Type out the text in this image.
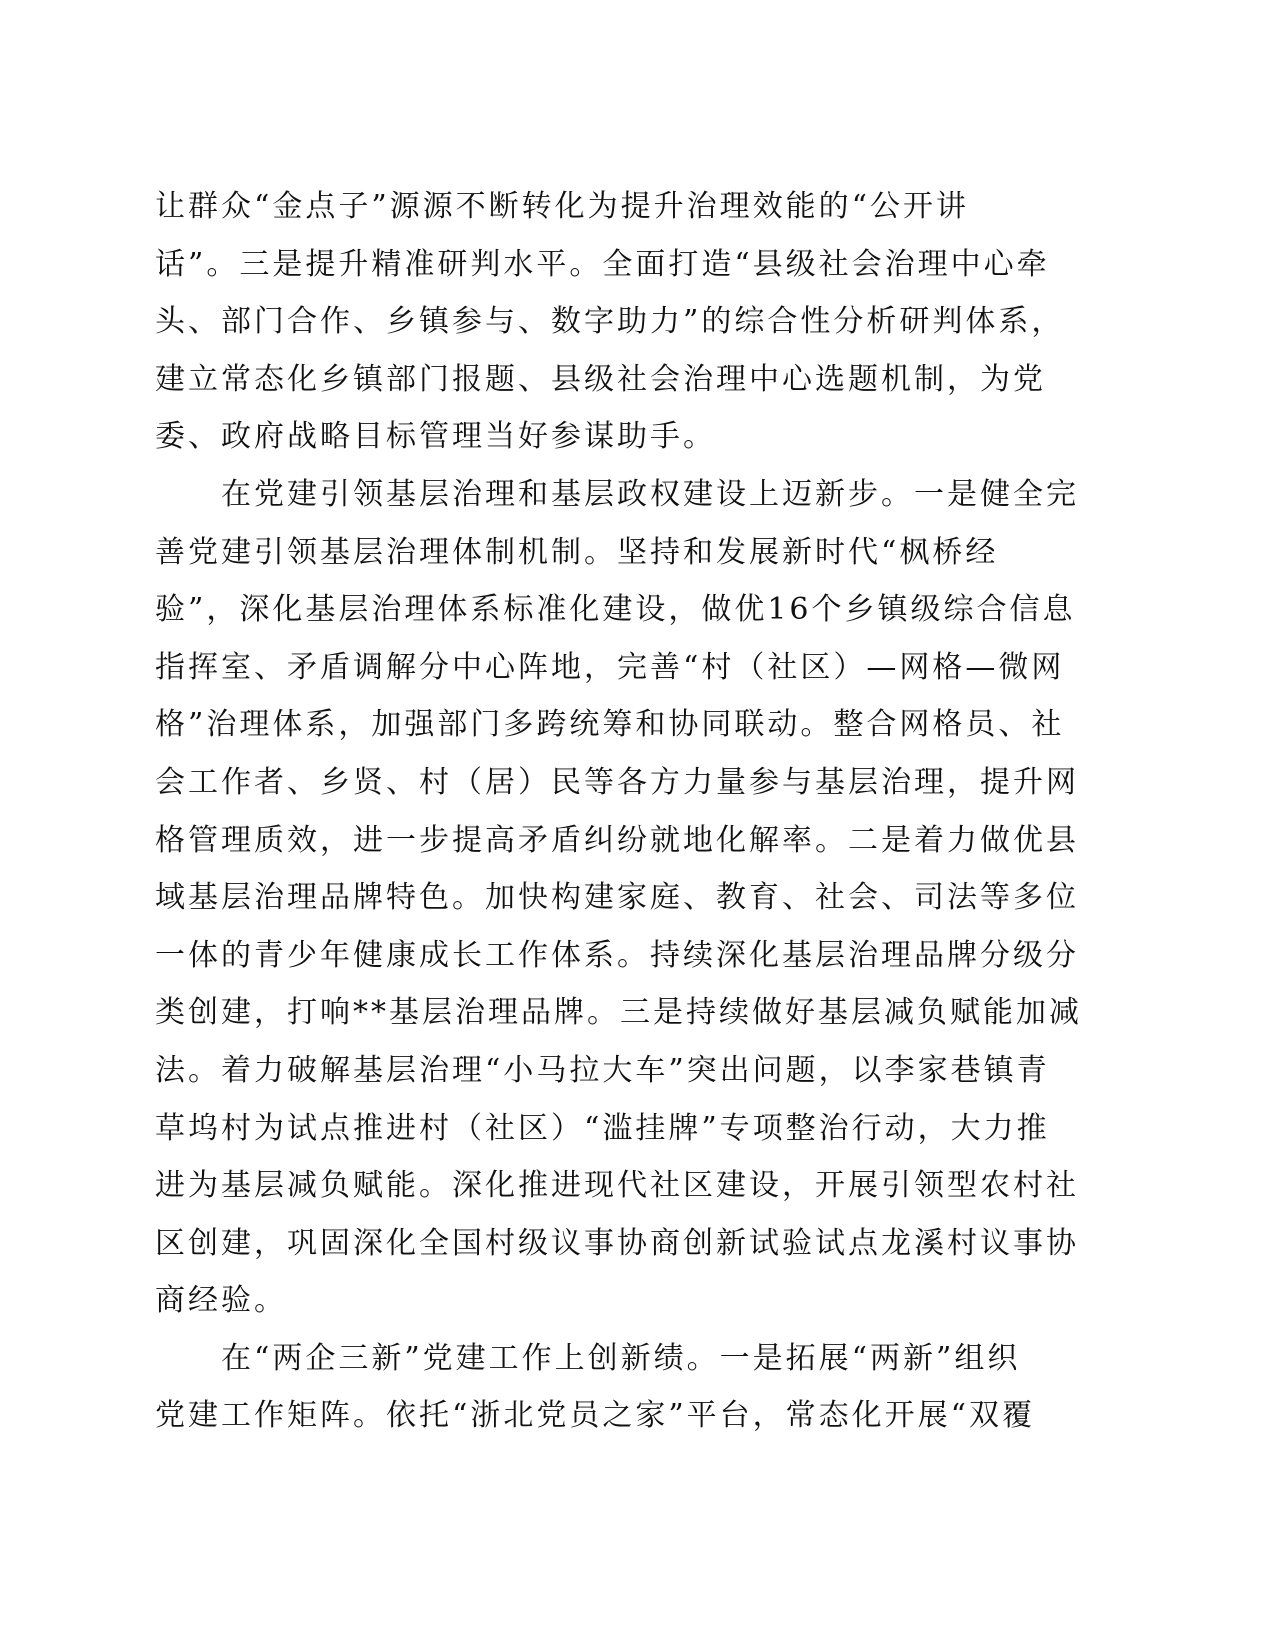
让群众“金点子”源源不断转化为提升治理效能的“公开讲
话”。三是提升精准研判水平。全面打造“县级社会治理中心牵
头、部门合作、乡镇参与、数字助力”的综合性分析研判体系，
建立常态化乡镇部门报题、县级社会治理中心选题机制，为党
委、政府战略目标管理当好参谋助手。
在党建引领基层治理和基层政权建设上迈新步。一是健全完
善党建引领基层治理体制机制。坚持和发展新时代“枫桥经
验”，深化基层治理体系标准化建设，做优16个乡镇级综合信息
指挥室、矛盾调解分中心阵地，完善“村（社区）—网格—微网
格”治理体系，加强部门多跨统筹和协同联动。整合网格员、社
会工作者、乡贤、村（居）民等各方力量参与基层治理，提升网
格管理质效，进一步提高矛盾纠纷就地化解率。二是着力做优县
域基层治理品牌特色。加快构建家庭、教育、社会、司法等多位
一体的青少年健康成长工作体系。持续深化基层治理品牌分级分
类创建，打响**基层治理品牌。三是持续做好基层减负赋能加减
法。着力破解基层治理“小马拉大车”突出问题，以李家巷镇青
草坞村为试点推进村（社区）“滥挂牌”专项整治行动，大力推
进为基层减负赋能。深化推进现代社区建设，开展引领型农村社
区创建，巩固深化全国村级议事协商创新试验试点龙溪村议事协
商经验。
在“两企三新”党建工作上创新绩。一是拓展“两新”组织
党建工作矩阵。依托“浙北党员之家”平台，常态化开展“双覆
